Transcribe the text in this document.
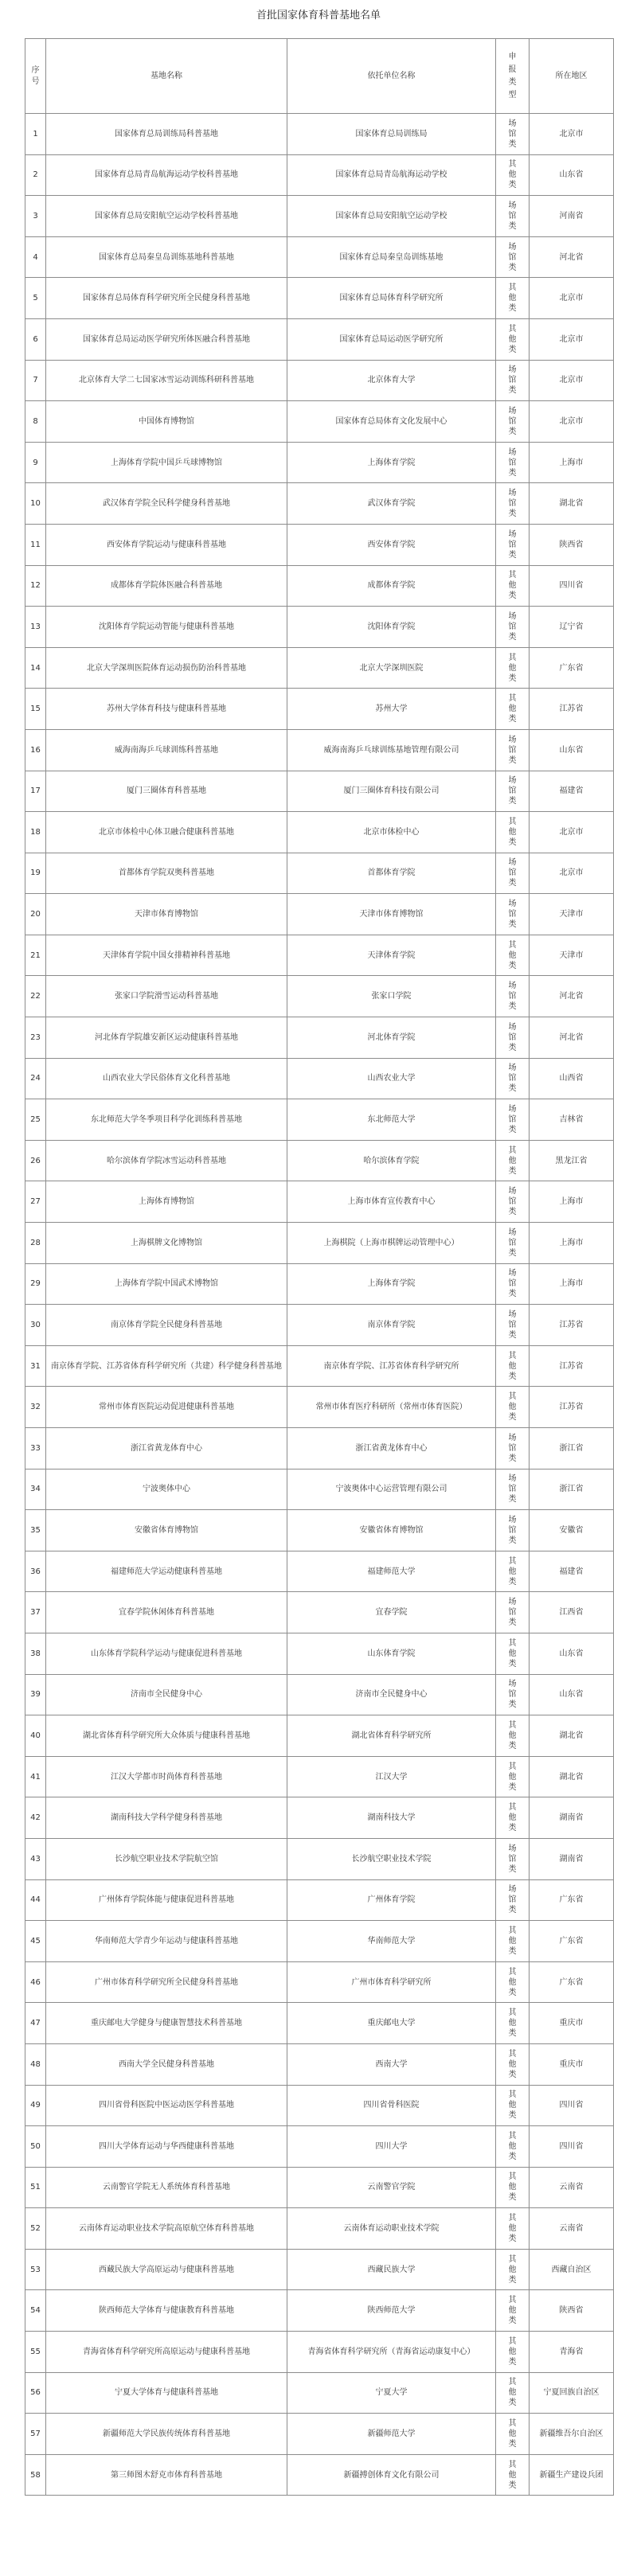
首批国家体育科普基地名单
序号	基地名称	依托单位名称	申报类型	所在地区
1	国家体育总局训练局科普基地	国家体育总局训练局	场馆类	北京市
2	国家体育总局青岛航海运动学校科普基地	国家体育总局青岛航海运动学校	其他类	山东省
3	国家体育总局安阳航空运动学校科普基地	国家体育总局安阳航空运动学校	场馆类	河南省
4	国家体育总局秦皇岛训练基地科普基地	国家体育总局秦皇岛训练基地	场馆类	河北省
5	国家体育总局体育科学研究所全民健身科普基地	国家体育总局体育科学研究所	其他类	北京市
6	国家体育总局运动医学研究所体医融合科普基地	国家体育总局运动医学研究所	其他类	北京市
7	北京体育大学二七国家冰雪运动训练科研科普基地	北京体育大学	场馆类	北京市
8	中国体育博物馆	国家体育总局体育文化发展中心	场馆类	北京市
9	上海体育学院中国乒乓球博物馆	上海体育学院	场馆类	上海市
10	武汉体育学院全民科学健身科普基地	武汉体育学院	场馆类	湖北省
11	西安体育学院运动与健康科普基地	西安体育学院	场馆类	陕西省
12	成都体育学院体医融合科普基地	成都体育学院	其他类	四川省
13	沈阳体育学院运动智能与健康科普基地	沈阳体育学院	场馆类	辽宁省
14	北京大学深圳医院体育运动损伤防治科普基地	北京大学深圳医院	其他类	广东省
15	苏州大学体育科技与健康科普基地	苏州大学	其他类	江苏省
16	威海南海乒乓球训练科普基地	威海南海乒乓球训练基地管理有限公司	场馆类	山东省
17	厦门三圈体育科普基地	厦门三圈体育科技有限公司	场馆类	福建省
18	北京市体检中心体卫融合健康科普基地	北京市体检中心	其他类	北京市
19	首都体育学院双奥科普基地	首都体育学院	场馆类	北京市
20	天津市体育博物馆	天津市体育博物馆	场馆类	天津市
21	天津体育学院中国女排精神科普基地	天津体育学院	其他类	天津市
22	张家口学院滑雪运动科普基地	张家口学院	场馆类	河北省
23	河北体育学院雄安新区运动健康科普基地	河北体育学院	场馆类	河北省
24	山西农业大学民俗体育文化科普基地	山西农业大学	场馆类	山西省
25	东北师范大学冬季项目科学化训练科普基地	东北师范大学	场馆类	吉林省
26	哈尔滨体育学院冰雪运动科普基地	哈尔滨体育学院	其他类	黑龙江省
27	上海体育博物馆	上海市体育宣传教育中心	场馆类	上海市
28	上海棋牌文化博物馆	上海棋院（上海市棋牌运动管理中心）	场馆类	上海市
29	上海体育学院中国武术博物馆	上海体育学院	场馆类	上海市
30	南京体育学院全民健身科普基地	南京体育学院	场馆类	江苏省
31	南京体育学院、江苏省体育科学研究所（共建）科学健身科普基地	南京体育学院、江苏省体育科学研究所	其他类	江苏省
32	常州市体育医院运动促进健康科普基地	常州市体育医疗科研所（常州市体育医院）	其他类	江苏省
33	浙江省黄龙体育中心	浙江省黄龙体育中心	场馆类	浙江省
34	宁波奥体中心	宁波奥体中心运营管理有限公司	场馆类	浙江省
35	安徽省体育博物馆	安徽省体育博物馆	场馆类	安徽省
36	福建师范大学运动健康科普基地	福建师范大学	其他类	福建省
37	宜春学院休闲体育科普基地	宜春学院	场馆类	江西省
38	山东体育学院科学运动与健康促进科普基地	山东体育学院	其他类	山东省
39	济南市全民健身中心	济南市全民健身中心	场馆类	山东省
40	湖北省体育科学研究所大众体质与健康科普基地	湖北省体育科学研究所	其他类	湖北省
41	江汉大学都市时尚体育科普基地	江汉大学	其他类	湖北省
42	湖南科技大学科学健身科普基地	湖南科技大学	其他类	湖南省
43	长沙航空职业技术学院航空馆	长沙航空职业技术学院	场馆类	湖南省
44	广州体育学院体能与健康促进科普基地	广州体育学院	场馆类	广东省
45	华南师范大学青少年运动与健康科普基地	华南师范大学	其他类	广东省
46	广州市体育科学研究所全民健身科普基地	广州市体育科学研究所	其他类	广东省
47	重庆邮电大学健身与健康智慧技术科普基地	重庆邮电大学	其他类	重庆市
48	西南大学全民健身科普基地	西南大学	其他类	重庆市
49	四川省骨科医院中医运动医学科普基地	四川省骨科医院	其他类	四川省
50	四川大学体育运动与华西健康科普基地	四川大学	其他类	四川省
51	云南警官学院无人系统体育科普基地	云南警官学院	其他类	云南省
52	云南体育运动职业技术学院高原航空体育科普基地	云南体育运动职业技术学院	其他类	云南省
53	西藏民族大学高原运动与健康科普基地	西藏民族大学	其他类	西藏自治区
54	陕西师范大学体育与健康教育科普基地	陕西师范大学	其他类	陕西省
55	青海省体育科学研究所高原运动与健康科普基地	青海省体育科学研究所（青海省运动康复中心）	其他类	青海省
56	宁夏大学体育与健康科普基地	宁夏大学	其他类	宁夏回族自治区
57	新疆师范大学民族传统体育科普基地	新疆师范大学	其他类	新疆维吾尔自治区
58	第三师图木舒克市体育科普基地	新疆搏创体育文化有限公司	其他类	新疆生产建设兵团
